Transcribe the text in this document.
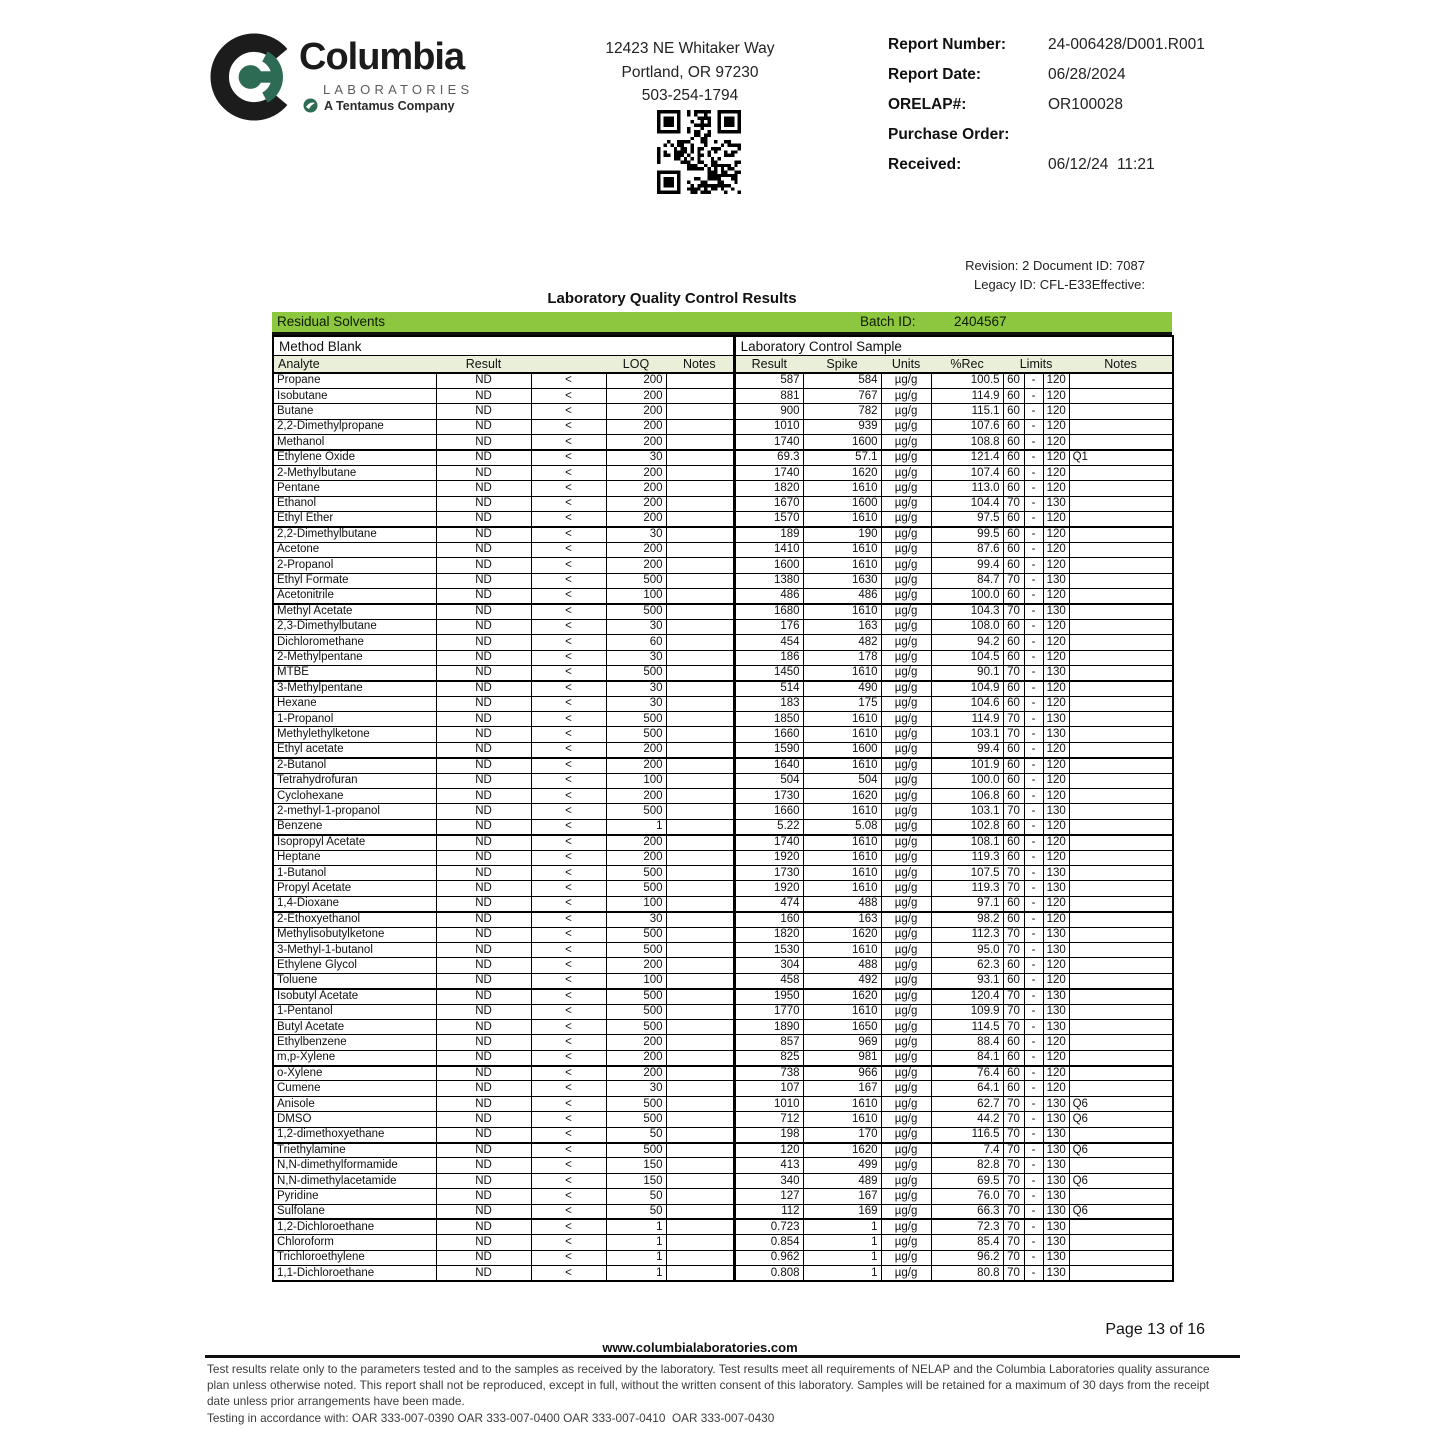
Columbia
LABORATORIES
A Tentamus Company
12423 NE Whitaker Way
Portland, OR 97230
503-254-1794
Report Number:	24-006428/D001.R001
Report Date:	06/28/2024
ORELAP#:	OR100028
Purchase Order:
Received:	06/12/24  11:21
Revision: 2 Document ID: 7087
Legacy ID: CFL-E33Effective:
Laboratory Quality Control Results
Residual Solvents	Batch ID:	2404567
Method Blank					Laboratory Control Sample							
Analyte	Result		LOQ	Notes	Result	Spike	Units	%Rec	Limits			Notes
Propane	ND	<	200		587	584	µg/g	100.5	60	-	120	
Isobutane	ND	<	200		881	767	µg/g	114.9	60	-	120	
Butane	ND	<	200		900	782	µg/g	115.1	60	-	120	
2,2-Dimethylpropane	ND	<	200		1010	939	µg/g	107.6	60	-	120	
Methanol	ND	<	200		1740	1600	µg/g	108.8	60	-	120	
Ethylene Oxide	ND	<	30		69.3	57.1	µg/g	121.4	60	-	120	Q1
2-Methylbutane	ND	<	200		1740	1620	µg/g	107.4	60	-	120	
Pentane	ND	<	200		1820	1610	µg/g	113.0	60	-	120	
Ethanol	ND	<	200		1670	1600	µg/g	104.4	70	-	130	
Ethyl Ether	ND	<	200		1570	1610	µg/g	97.5	60	-	120	
2,2-Dimethylbutane	ND	<	30		189	190	µg/g	99.5	60	-	120	
Acetone	ND	<	200		1410	1610	µg/g	87.6	60	-	120	
2-Propanol	ND	<	200		1600	1610	µg/g	99.4	60	-	120	
Ethyl Formate	ND	<	500		1380	1630	µg/g	84.7	70	-	130	
Acetonitrile	ND	<	100		486	486	µg/g	100.0	60	-	120	
Methyl Acetate	ND	<	500		1680	1610	µg/g	104.3	70	-	130	
2,3-Dimethylbutane	ND	<	30		176	163	µg/g	108.0	60	-	120	
Dichloromethane	ND	<	60		454	482	µg/g	94.2	60	-	120	
2-Methylpentane	ND	<	30		186	178	µg/g	104.5	60	-	120	
MTBE	ND	<	500		1450	1610	µg/g	90.1	70	-	130	
3-Methylpentane	ND	<	30		514	490	µg/g	104.9	60	-	120	
Hexane	ND	<	30		183	175	µg/g	104.6	60	-	120	
1-Propanol	ND	<	500		1850	1610	µg/g	114.9	70	-	130	
Methylethylketone	ND	<	500		1660	1610	µg/g	103.1	70	-	130	
Ethyl acetate	ND	<	200		1590	1600	µg/g	99.4	60	-	120	
2-Butanol	ND	<	200		1640	1610	µg/g	101.9	60	-	120	
Tetrahydrofuran	ND	<	100		504	504	µg/g	100.0	60	-	120	
Cyclohexane	ND	<	200		1730	1620	µg/g	106.8	60	-	120	
2-methyl-1-propanol	ND	<	500		1660	1610	µg/g	103.1	70	-	130	
Benzene	ND	<	1		5.22	5.08	µg/g	102.8	60	-	120	
Isopropyl Acetate	ND	<	200		1740	1610	µg/g	108.1	60	-	120	
Heptane	ND	<	200		1920	1610	µg/g	119.3	60	-	120	
1-Butanol	ND	<	500		1730	1610	µg/g	107.5	70	-	130	
Propyl Acetate	ND	<	500		1920	1610	µg/g	119.3	70	-	130	
1,4-Dioxane	ND	<	100		474	488	µg/g	97.1	60	-	120	
2-Ethoxyethanol	ND	<	30		160	163	µg/g	98.2	60	-	120	
Methylisobutylketone	ND	<	500		1820	1620	µg/g	112.3	70	-	130	
3-Methyl-1-butanol	ND	<	500		1530	1610	µg/g	95.0	70	-	130	
Ethylene Glycol	ND	<	200		304	488	µg/g	62.3	60	-	120	
Toluene	ND	<	100		458	492	µg/g	93.1	60	-	120	
Isobutyl Acetate	ND	<	500		1950	1620	µg/g	120.4	70	-	130	
1-Pentanol	ND	<	500		1770	1610	µg/g	109.9	70	-	130	
Butyl Acetate	ND	<	500		1890	1650	µg/g	114.5	70	-	130	
Ethylbenzene	ND	<	200		857	969	µg/g	88.4	60	-	120	
m,p-Xylene	ND	<	200		825	981	µg/g	84.1	60	-	120	
o-Xylene	ND	<	200		738	966	µg/g	76.4	60	-	120	
Cumene	ND	<	30		107	167	µg/g	64.1	60	-	120	
Anisole	ND	<	500		1010	1610	µg/g	62.7	70	-	130	Q6
DMSO	ND	<	500		712	1610	µg/g	44.2	70	-	130	Q6
1,2-dimethoxyethane	ND	<	50		198	170	µg/g	116.5	70	-	130	
Triethylamine	ND	<	500		120	1620	µg/g	7.4	70	-	130	Q6
N,N-dimethylformamide	ND	<	150		413	499	µg/g	82.8	70	-	130	
N,N-dimethylacetamide	ND	<	150		340	489	µg/g	69.5	70	-	130	Q6
Pyridine	ND	<	50		127	167	µg/g	76.0	70	-	130	
Sulfolane	ND	<	50		112	169	µg/g	66.3	70	-	130	Q6
1,2-Dichloroethane	ND	<	1		0.723	1	µg/g	72.3	70	-	130	
Chloroform	ND	<	1		0.854	1	µg/g	85.4	70	-	130	
Trichloroethylene	ND	<	1		0.962	1	µg/g	96.2	70	-	130	
1,1-Dichloroethane	ND	<	1		0.808	1	µg/g	80.8	70	-	130	
Page 13 of 16
www.columbialaboratories.com
Test results relate only to the parameters tested and to the samples as received by the laboratory. Test results meet all requirements of NELAP and the Columbia Laboratories quality assurance plan unless otherwise noted. This report shall not be reproduced, except in full, without the written consent of this laboratory. Samples will be retained for a maximum of 30 days from the receipt date unless prior arrangements have been made.
Testing in accordance with: OAR 333-007-0390 OAR 333-007-0400 OAR 333-007-0410  OAR 333-007-0430
